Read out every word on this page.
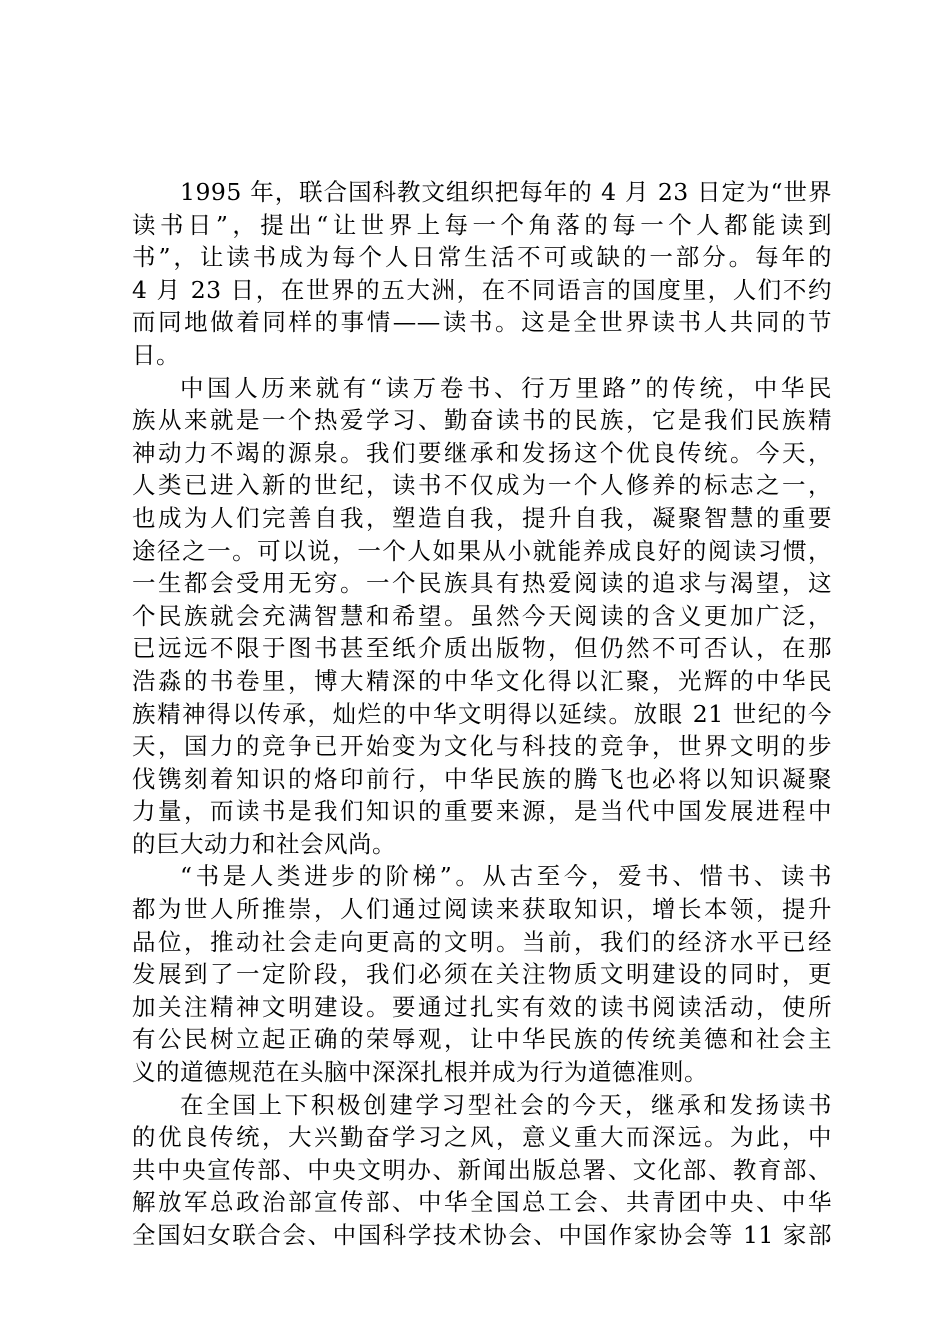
1995 年，联合国科教文组织把每年的 4 月 23 日定为“世界
读书日”，提出“让世界上每一个角落的每一个人都能读到
书”，让读书成为每个人日常生活不可或缺的一部分。每年的
4 月 23 日，在世界的五大洲，在不同语言的国度里，人们不约
而同地做着同样的事情——读书。这是全世界读书人共同的节
日。
中国人历来就有“读万卷书、行万里路”的传统，中华民
族从来就是一个热爱学习、勤奋读书的民族，它是我们民族精
神动力不竭的源泉。我们要继承和发扬这个优良传统。今天，
人类已进入新的世纪，读书不仅成为一个人修养的标志之一，
也成为人们完善自我，塑造自我，提升自我，凝聚智慧的重要
途径之一。可以说，一个人如果从小就能养成良好的阅读习惯，
一生都会受用无穷。一个民族具有热爱阅读的追求与渴望，这
个民族就会充满智慧和希望。虽然今天阅读的含义更加广泛，
已远远不限于图书甚至纸介质出版物，但仍然不可否认，在那
浩淼的书卷里，博大精深的中华文化得以汇聚，光辉的中华民
族精神得以传承，灿烂的中华文明得以延续。放眼 21 世纪的今
天，国力的竞争已开始变为文化与科技的竞争，世界文明的步
伐镌刻着知识的烙印前行，中华民族的腾飞也必将以知识凝聚
力量，而读书是我们知识的重要来源，是当代中国发展进程中
的巨大动力和社会风尚。
“书是人类进步的阶梯”。从古至今，爱书、惜书、读书
都为世人所推崇，人们通过阅读来获取知识，增长本领，提升
品位，推动社会走向更高的文明。当前，我们的经济水平已经
发展到了一定阶段，我们必须在关注物质文明建设的同时，更
加关注精神文明建设。要通过扎实有效的读书阅读活动，使所
有公民树立起正确的荣辱观，让中华民族的传统美德和社会主
义的道德规范在头脑中深深扎根并成为行为道德准则。
在全国上下积极创建学习型社会的今天，继承和发扬读书
的优良传统，大兴勤奋学习之风，意义重大而深远。为此，中
共中央宣传部、中央文明办、新闻出版总署、文化部、教育部、
解放军总政治部宣传部、中华全国总工会、共青团中央、中华
全国妇女联合会、中国科学技术协会、中国作家协会等 11 家部
